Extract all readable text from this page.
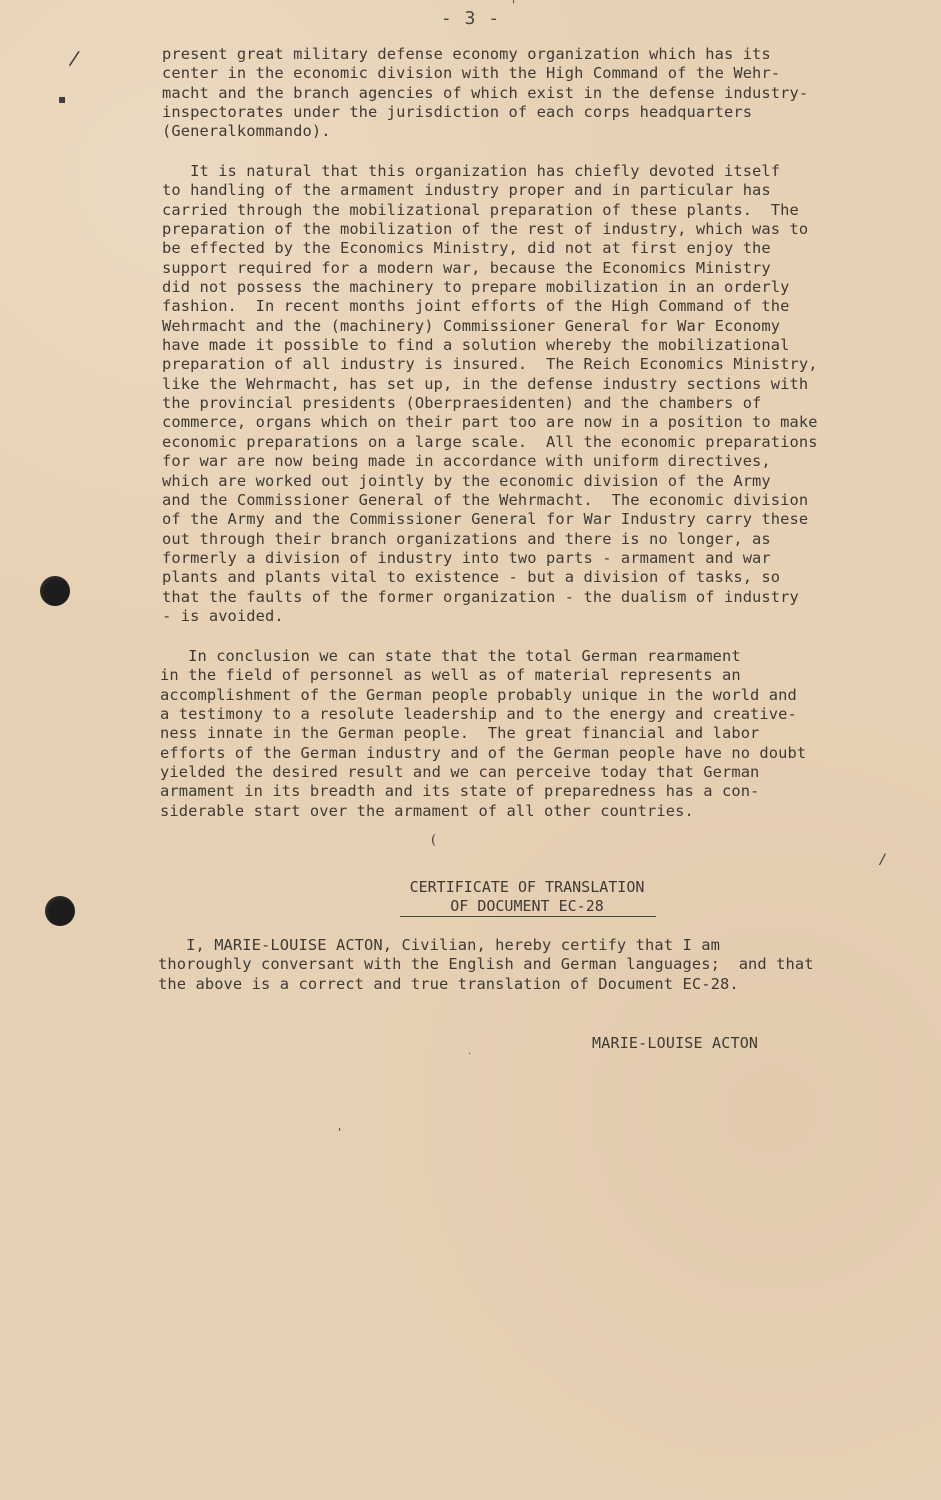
- 3 -
/
▪
'
(
/
'
.
present great military defense economy organization which has its
center in the economic division with the High Command of the Wehr-
macht and the branch agencies of which exist in the defense industry-
inspectorates under the jurisdiction of each corps headquarters
(Generalkommando).
It is natural that this organization has chiefly devoted itself
to handling of the armament industry proper and in particular has
carried through the mobilizational preparation of these plants.  The
preparation of the mobilization of the rest of industry, which was to
be effected by the Economics Ministry, did not at first enjoy the
support required for a modern war, because the Economics Ministry
did not possess the machinery to prepare mobilization in an orderly
fashion.  In recent months joint efforts of the High Command of the
Wehrmacht and the (machinery) Commissioner General for War Economy
have made it possible to find a solution whereby the mobilizational
preparation of all industry is insured.  The Reich Economics Ministry,
like the Wehrmacht, has set up, in the defense industry sections with
the provincial presidents (Oberpraesidenten) and the chambers of
commerce, organs which on their part too are now in a position to make
economic preparations on a large scale.  All the economic preparations
for war are now being made in accordance with uniform directives,
which are worked out jointly by the economic division of the Army
and the Commissioner General of the Wehrmacht.  The economic division
of the Army and the Commissioner General for War Industry carry these
out through their branch organizations and there is no longer, as
formerly a division of industry into two parts - armament and war
plants and plants vital to existence - but a division of tasks, so
that the faults of the former organization - the dualism of industry
- is avoided.
In conclusion we can state that the total German rearmament
in the field of personnel as well as of material represents an
accomplishment of the German people probably unique in the world and
a testimony to a resolute leadership and to the energy and creative-
ness innate in the German people.  The great financial and labor
efforts of the German industry and of the German people have no doubt
yielded the desired result and we can perceive today that German
armament in its breadth and its state of preparedness has a con-
siderable start over the armament of all other countries.
CERTIFICATE OF TRANSLATION
OF DOCUMENT EC-28
I, MARIE-LOUISE ACTON, Civilian, hereby certify that I am
thoroughly conversant with the English and German languages;  and that
the above is a correct and true translation of Document EC-28.
MARIE-LOUISE ACTON
